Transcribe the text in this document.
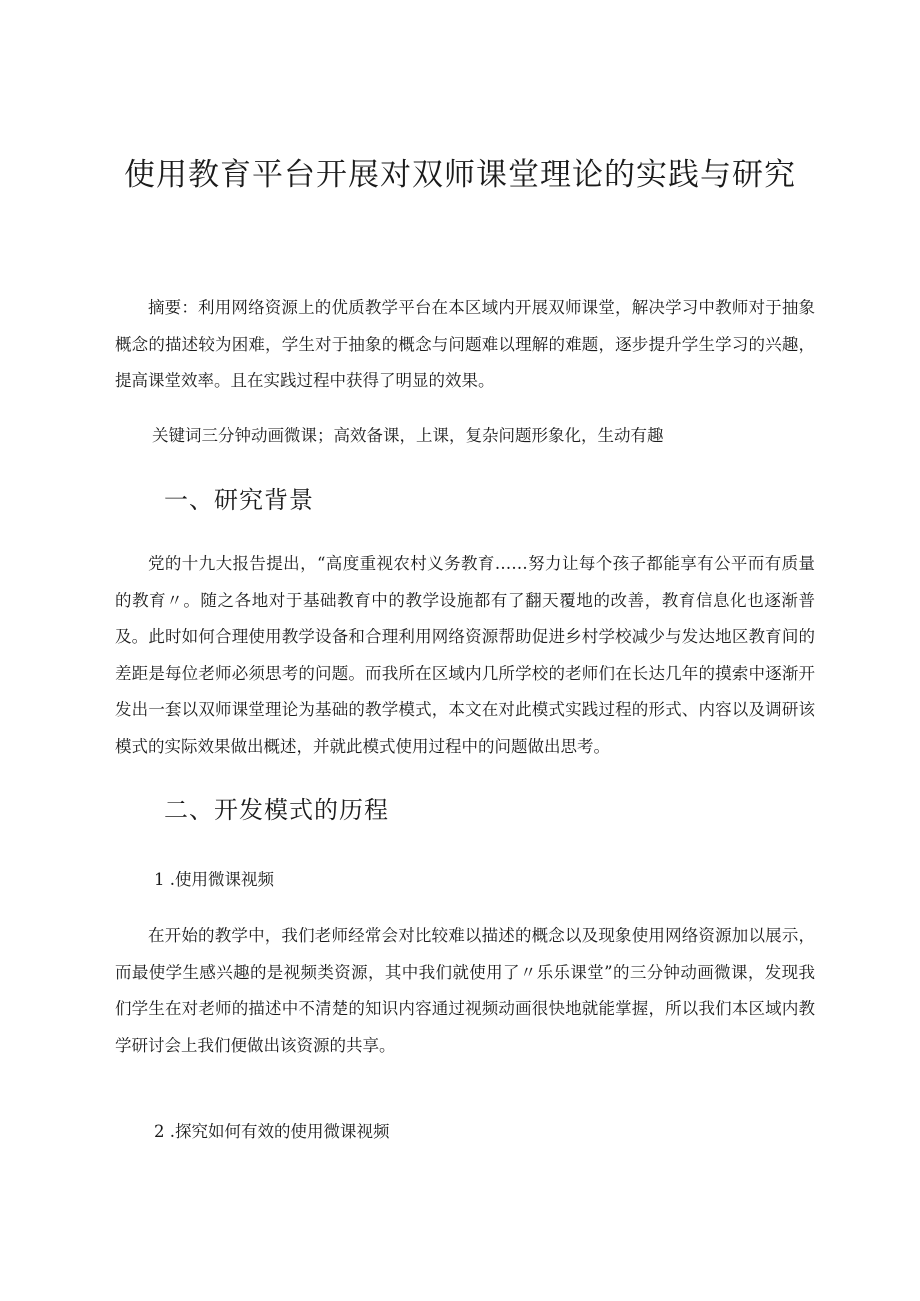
使用教育平台开展对双师课堂理论的实践与研究

摘要：利用网络资源上的优质教学平台在本区域内开展双师课堂，解决学习中教师对于抽象概念的描述较为困难，学生对于抽象的概念与问题难以理解的难题，逐步提升学生学习的兴趣，提高课堂效率。且在实践过程中获得了明显的效果。

关键词三分钟动画微课；高效备课，上课，复杂问题形象化，生动有趣

一、研究背景

党的十九大报告提出，“高度重视农村义务教育……努力让每个孩子都能享有公平而有质量的教育〃。随之各地对于基础教育中的教学设施都有了翻天覆地的改善，教育信息化也逐渐普及。此时如何合理使用教学设备和合理利用网络资源帮助促进乡村学校减少与发达地区教育间的差距是每位老师必须思考的问题。而我所在区域内几所学校的老师们在长达几年的摸索中逐渐开发出一套以双师课堂理论为基础的教学模式，本文在对此模式实践过程的形式、内容以及调研该模式的实际效果做出概述，并就此模式使用过程中的问题做出思考。

二、开发模式的历程

1 .使用微课视频

在开始的教学中，我们老师经常会对比较难以描述的概念以及现象使用网络资源加以展示，而最使学生感兴趣的是视频类资源，其中我们就使用了〃乐乐课堂”的三分钟动画微课，发现我们学生在对老师的描述中不清楚的知识内容通过视频动画很快地就能掌握，所以我们本区域内教学研讨会上我们便做出该资源的共享。

2 .探究如何有效的使用微课视频
